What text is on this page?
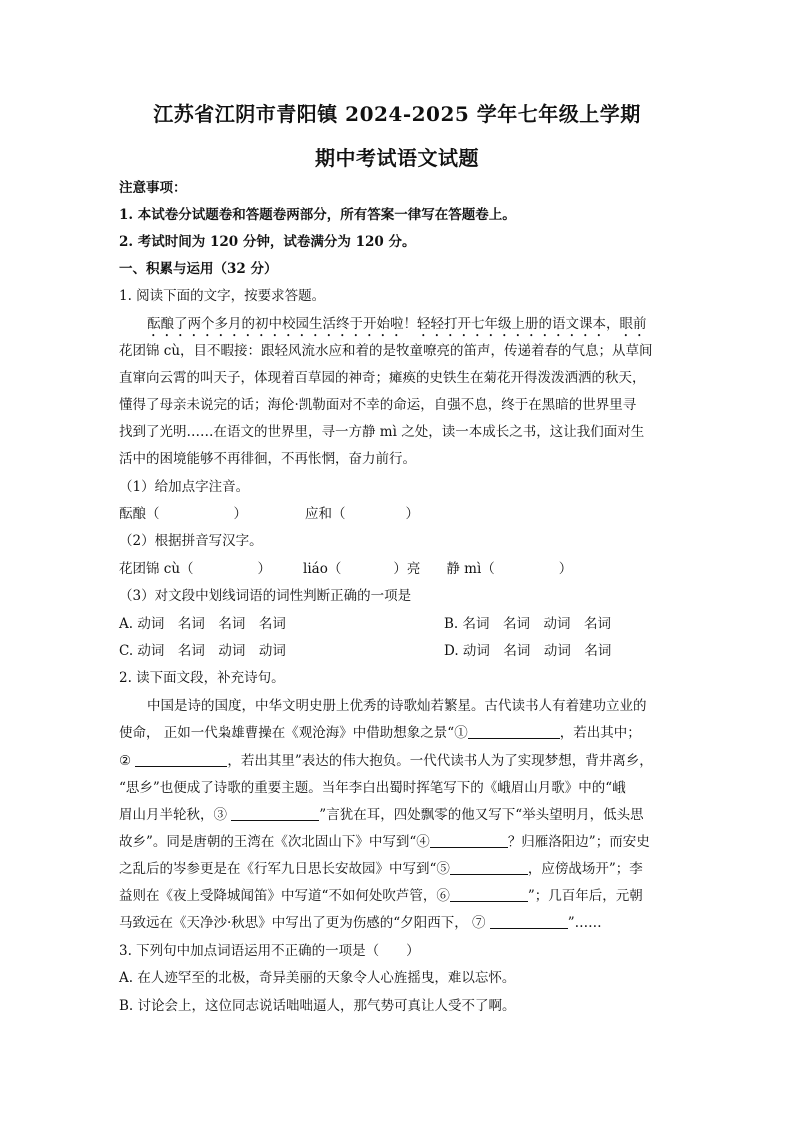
江苏省江阴市青阳镇 2024-2025 学年七年级上学期
期中考试语文试题
注意事项：
1. 本试卷分试题卷和答题卷两部分，所有答案一律写在答题卷上。
2. 考试时间为 120 分钟，试卷满分为 120 分。
一、积累与运用（32 分）
1. 阅读下面的文字，按要求答题。
酝酿了两个多月的初中校园生活终于开始啦！轻轻打开七年级上册的语文课本，眼前
花团锦 cù，目不暇接：跟轻风流水应和着的是牧童嘹亮的笛声，传递着春的气息；从草间
直窜向云霄的叫天子，体现着百草园的神奇；瘫痪的史铁生在菊花开得泼泼洒洒的秋天，
懂得了母亲未说完的话；海伦·凯勒面对不幸的命运，自强不息，终于在黑暗的世界里寻
找到了光明……在语文的世界里，寻一方静 mì 之处，读一本成长之书，这让我们面对生
活中的困境能够不再徘徊，不再怅惘，奋力前行。
（1）给加点字注音。
酝酿（	）	应和（	）
（2）根据拼音写汉字。
花团锦 cù（	） liáo（	）亮 静 mì（	）
（3）对文段中划线词语的词性判断正确的一项是
A. 动词　名词　名词　名词	B. 名词　名词　动词　名词
C. 动词　名词　动词　动词	D. 动词　名词　动词　名词
2. 读下面文段，补充诗句。
中国是诗的国度，中华文明史册上优秀的诗歌灿若繁星。古代读书人有着建功立业的
使命， 正如一代枭雄曹操在《观沧海》中借助想象之景“①	，若出其中；
②	，若出其里”表达的伟大抱负。一代代读书人为了实现梦想，背井离乡，
“思乡”也便成了诗歌的重要主题。当年李白出蜀时挥笔写下的《峨眉山月歌》中的“峨
眉山月半轮秋，③	”言犹在耳，四处飘零的他又写下“举头望明月，低头思
故乡”。同是唐朝的王湾在《次北固山下》中写到“④	？归雁洛阳边”；而安史
之乱后的岑参更是在《行军九日思长安故园》中写到“⑤	，应傍战场开”；李
益则在《夜上受降城闻笛》中写道“不如何处吹芦管，⑥	”；几百年后，元朝
马致远在《天净沙·秋思》中写出了更为伤感的“夕阳西下， ⑦	”……
3. 下列句中加点词语运用不正确的一项是（　　）
A. 在人迹罕至的北极，奇异美丽的天象令人心旌摇曳，难以忘怀。
B. 讨论会上，这位同志说话咄咄逼人，那气势可真让人受不了啊。
